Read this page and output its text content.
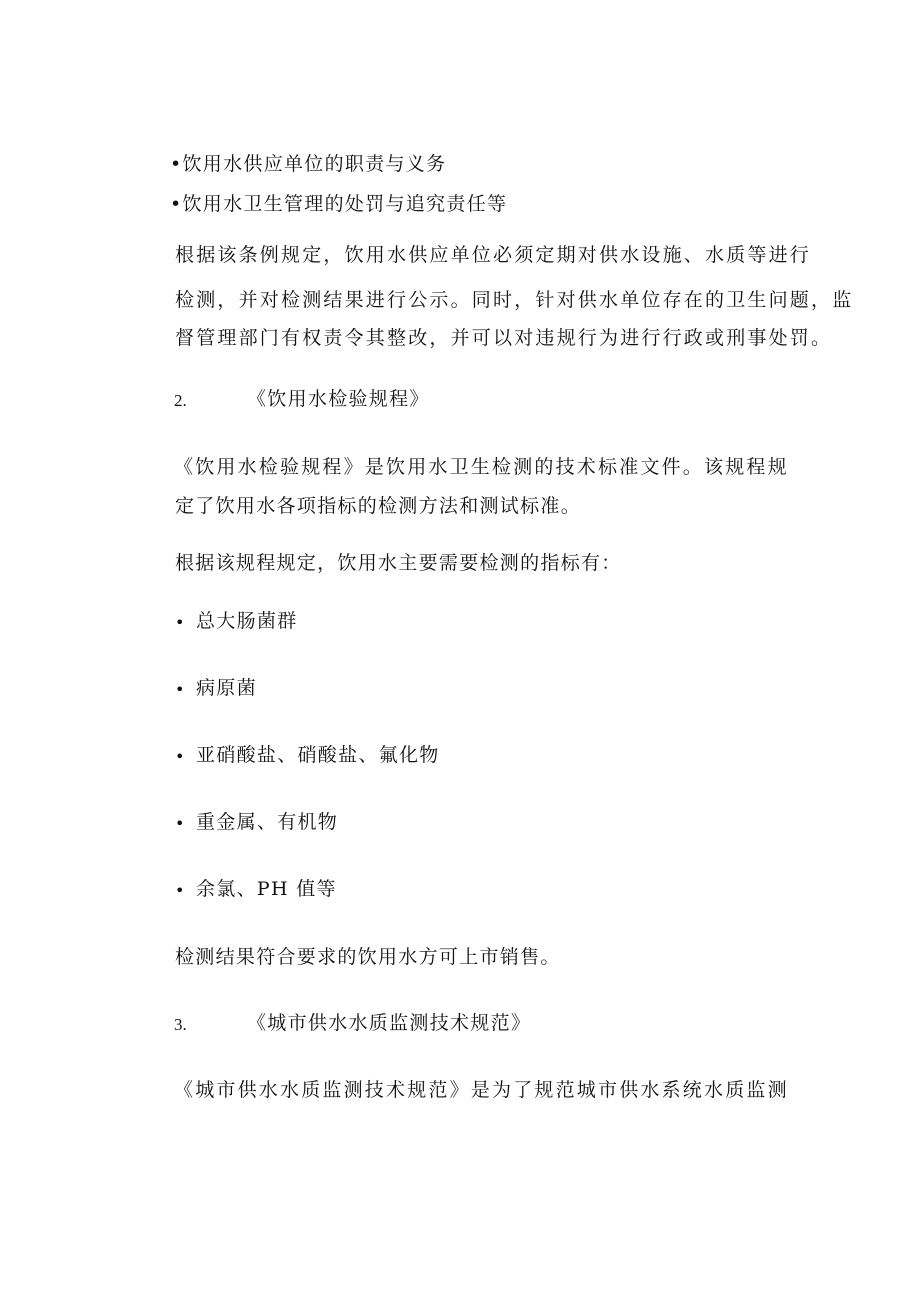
•饮用水供应单位的职责与义务
•饮用水卫生管理的处罚与追究责任等
根据该条例规定，饮用水供应单位必须定期对供水设施、水质等进行
检测，并对检测结果进行公示。同时，针对供水单位存在的卫生问题，监
督管理部门有权责令其整改，并可以对违规行为进行行政或刑事处罚。
2.	《饮用水检验规程》
《饮用水检验规程》是饮用水卫生检测的技术标准文件。该规程规
定了饮用水各项指标的检测方法和测试标准。
根据该规程规定，饮用水主要需要检测的指标有：
• 总大肠菌群
• 病原菌
• 亚硝酸盐、硝酸盐、氟化物
• 重金属、有机物
• 余氯、PH 值等
检测结果符合要求的饮用水方可上市销售。
3.	《城市供水水质监测技术规范》
《城市供水水质监测技术规范》是为了规范城市供水系统水质监测
